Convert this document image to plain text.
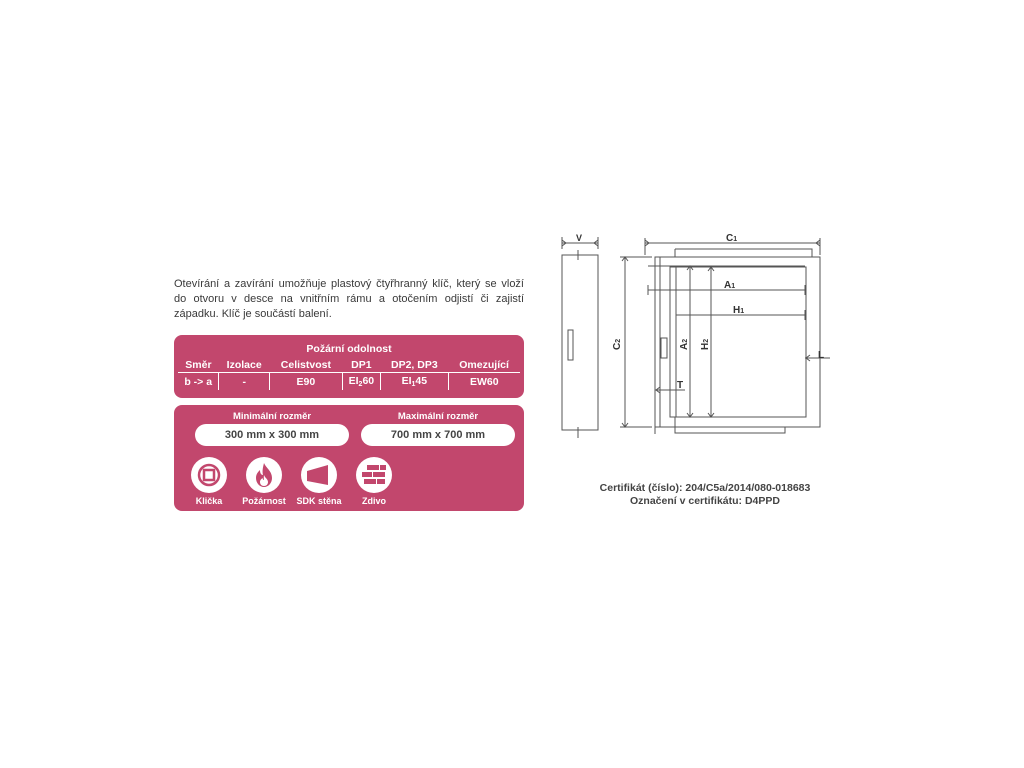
Otevírání a zavírání umožňuje plastový čtyřhranný klíč, který se vloží do otvoru v desce na vnitřním rámu a otočením odjistí či zajistí západku. Klíč je součástí balení.

Požární odolnost
Směr	Izolace	Celistvost	DP1	DP2, DP3	Omezující
b -> a	-	E90	$EI_260$	$EI_145$	EW60
Minimální rozměr
300 mm x 300 mm
Maximální rozměr
700 mm x 700 mm
Klička	Požárnost	SDK stěna	Zdivo
V	C1
A1
H1
C2
A2
H2
L
T
Certifikát (číslo): 204/C5a/2014/080-018683
Označení v certifikátu: D4PPD
